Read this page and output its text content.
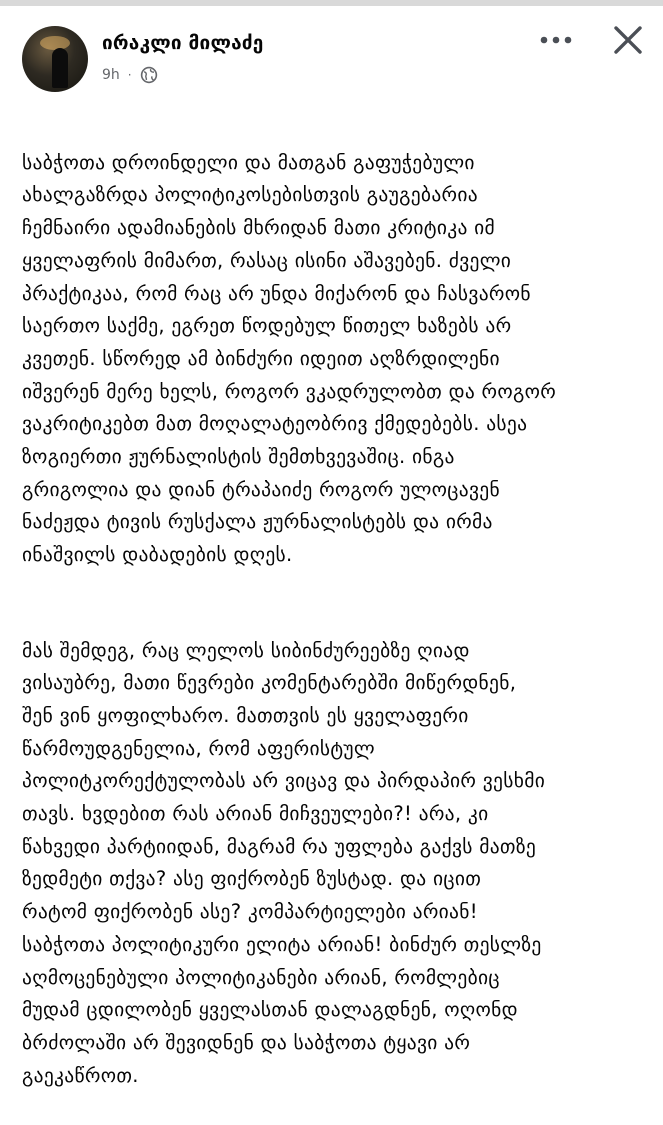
ირაკლი მილაძე
9h ·

საბჭოთა დროინდელი და მათგან გაფუჭებული
ახალგაზრდა პოლიტიკოსებისთვის გაუგებარია
ჩემნაირი ადამიანების მხრიდან მათი კრიტიკა იმ
ყველაფრის მიმართ, რასაც ისინი აშავებენ. ძველი
პრაქტიკაა, რომ რაც არ უნდა მიქარონ და ჩასვარონ
საერთო საქმე, ეგრეთ წოდებულ წითელ ხაზებს არ
კვეთენ. სწორედ ამ ბინძური იდეით აღზრდილენი
იშვერენ მერე ხელს, როგორ ვკადრულობთ და როგორ
ვაკრიტიკებთ მათ მოღალატეობრივ ქმედებებს. ასეა
ზოგიერთი ჟურნალისტის შემთხვევაშიც. ინგა
გრიგოლია და დიან ტრაპაიძე როგორ ულოცავენ
ნაძეჟდა ტივის რუსქალა ჟურნალისტებს და ირმა
ინაშვილს დაბადების დღეს.

მას შემდეგ, რაც ლელოს სიბინძურეებზე ღიად
ვისაუბრე, მათი წევრები კომენტარებში მიწერდნენ,
შენ ვინ ყოფილხარო. მათთვის ეს ყველაფერი
წარმოუდგენელია, რომ აფერისტულ
პოლიტკორექტულობას არ ვიცავ და პირდაპირ ვესხმი
თავს. ხვდებით რას არიან მიჩვეულები?! არა, კი
წახვედი პარტიიდან, მაგრამ რა უფლება გაქვს მათზე
ზედმეტი თქვა? ასე ფიქრობენ ზუსტად. და იცით
რატომ ფიქრობენ ასე? კომპარტიელები არიან!
საბჭოთა პოლიტიკური ელიტა არიან! ბინძურ თესლზე
აღმოცენებული პოლიტიკანები არიან, რომლებიც
მუდამ ცდილობენ ყველასთან დალაგდნენ, ოღონდ
ბრძოლაში არ შევიდნენ და საბჭოთა ტყავი არ
გაეკაწროთ.
